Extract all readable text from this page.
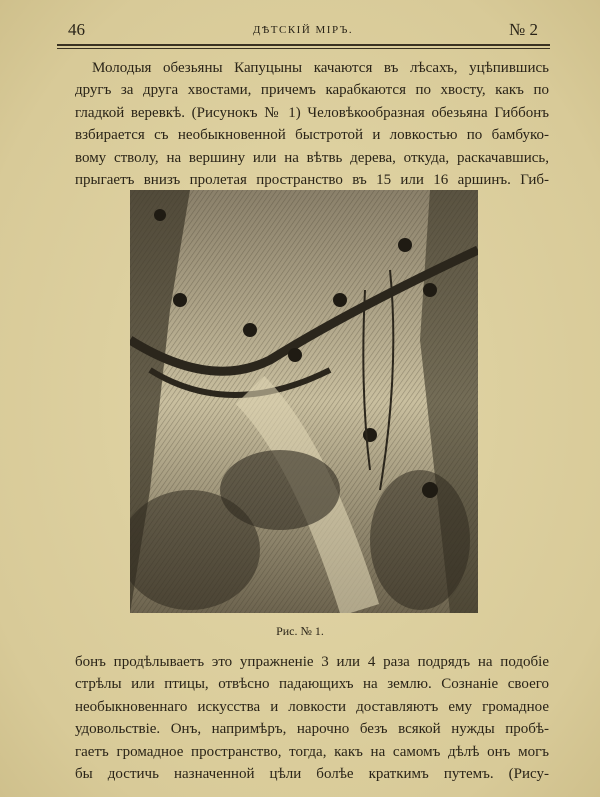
46	ДѢТСКІЙ МІРЪ.	№ 2
Молодыя обезьяны Капуцыны качаются въ лѣсахъ, уцѣпившись
другъ за друга хвостами, причемъ карабкаются по хвосту, какъ по
гладкой веревкѣ. (Рисунокъ № 1) Человѣкообразная обезьяна Гиббонъ
взбирается съ необыкновенной быстротой и ловкостью по бамбуко-
вому стволу, на вершину или на вѣтвь дерева, откуда, раскачавшись,
прыгаетъ внизъ пролетая пространство въ 15 или 16 аршинъ. Гиб-
Рис. № 1.
бонъ продѣлываетъ это упражненіе 3 или 4 раза подрядъ на подобіе
стрѣлы или птицы, отвѣсно падающихъ на землю. Сознаніе своего
необыкновеннаго искусства и ловкости доставляютъ ему громадное
удовольствіе. Онъ, напримѣръ, нарочно безъ всякой нужды пробѣ-
гаетъ громадное пространство, тогда, какъ на самомъ дѣлѣ онъ могъ
бы достичь назначенной цѣли болѣе краткимъ путемъ. (Рису-
